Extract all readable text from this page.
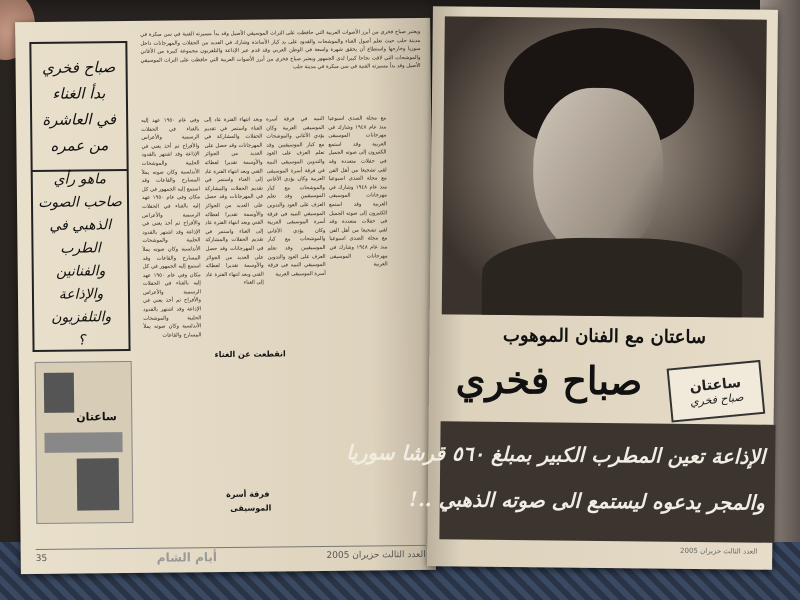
ويعتبر صباح فخري من أبرز الأصوات العربية التي حافظت على التراث الموسيقي الأصيل وقد بدأ مسيرته الفنية في سن مبكرة في مدينة حلب حيث تعلم أصول الغناء والموشحات والقدود على يد كبار الأساتذة وشارك في العديد من الحفلات والمهرجانات داخل سوريا وخارجها واستطاع أن يحقق شهرة واسعة في الوطن العربي وقد قدم عبر الإذاعة والتلفزيون مجموعة كبيرة من الأغاني والموشحات التي لاقت نجاحا كبيرا لدى الجمهور ويعتبر صباح فخري من أبرز الأصوات العربية التي حافظت على التراث الموسيقي الأصيل وقد بدأ مسيرته الفنية في سن مبكرة في مدينة حلب
صباح فخري
بدأ الغناء
في العاشرة
من عمره
ماهو رأي
صاحب الصوت
الذهبي في
الطرب
والفنانين
والإذاعة
والتلفزيون
؟
ساعتان
وفي عام ١٩٥٠ عهد إليه بالغناء في الحفلات الرسمية والأعراس والأفراح ثم أخذ يغني في الإذاعة وقد اشتهر بالقدود الحلبية والموشحات الأندلسية وكان صوته يملأ المسارح والقاعات وقد استمع إليه الجمهور في كل مكان وفي عام ١٩٥٠ عهد إليه بالغناء في الحفلات الرسمية والأعراس والأفراح ثم أخذ يغني في الإذاعة وقد اشتهر بالقدود الحلبية والموشحات الأندلسية وكان صوته يملأ المسارح والقاعات وقد استمع إليه الجمهور في كل مكان وفي عام ١٩٥٠ عهد إليه بالغناء في الحفلات الرسمية والأعراس والأفراح ثم أخذ يغني في الإذاعة وقد اشتهر بالقدود الحلبية والموشحات الأندلسية وكان صوته يملأ المسارح والقاعات
وبعد انتهاء الفترة عاد إلى الغناء واستمر في تقديم الحفلات والمشاركة في المهرجانات وقد حصل على العديد من الجوائز والأوسمة تقديرا لعطائه الفني وبعد انتهاء الفترة عاد إلى الغناء واستمر في تقديم الحفلات والمشاركة في المهرجانات وقد حصل على العديد من الجوائز والأوسمة تقديرا لعطائه الفني وبعد انتهاء الفترة عاد إلى الغناء واستمر في تقديم الحفلات والمشاركة في المهرجانات وقد حصل على العديد من الجوائز والأوسمة تقديرا لعطائه الفني وبعد انتهاء الفترة عاد إلى الغناء
انقطعت عن الغناء
فرقة أسرة
الموسيقى
النبيه في فرقة أسرة الموسيقى العربية وكان يؤدي الأغاني والموشحات مع كبار الموسيقيين وقد تعلم العزف على العود والتدوين الموسيقي النبيه في فرقة أسرة الموسيقى العربية وكان يؤدي الأغاني والموشحات مع كبار الموسيقيين وقد تعلم العزف على العود والتدوين الموسيقي النبيه في فرقة أسرة الموسيقى العربية وكان يؤدي الأغاني والموشحات مع كبار الموسيقيين وقد تعلم العزف على العود والتدوين الموسيقي النبيه في فرقة أسرة الموسيقى العربية
مع مجلة الصدى اسبوعيا منذ عام ١٩٤٨ وشارك في مهرجانات الموسيقى العربية وقد استمع الكثيرون إلى صوته الجميل في حفلات متعددة وقد لقي تشجيعا من أهل الفن مع مجلة الصدى اسبوعيا منذ عام ١٩٤٨ وشارك في مهرجانات الموسيقى العربية وقد استمع الكثيرون إلى صوته الجميل في حفلات متعددة وقد لقي تشجيعا من أهل الفن مع مجلة الصدى اسبوعيا منذ عام ١٩٤٨ وشارك في مهرجانات الموسيقى العربية
35	أيام الشام	العدد الثالث حزيران 2005
ساعتان مع الفنان الموهوب
صباح فخري	ساعتان
صباح فخري
الإذاعة تعين المطرب الكبير بمبلغ ٥٦٠ قرشا سوريا
والمجر يدعوه ليستمع الى صوته الذهبي ..!
العدد الثالث حزيران 2005
